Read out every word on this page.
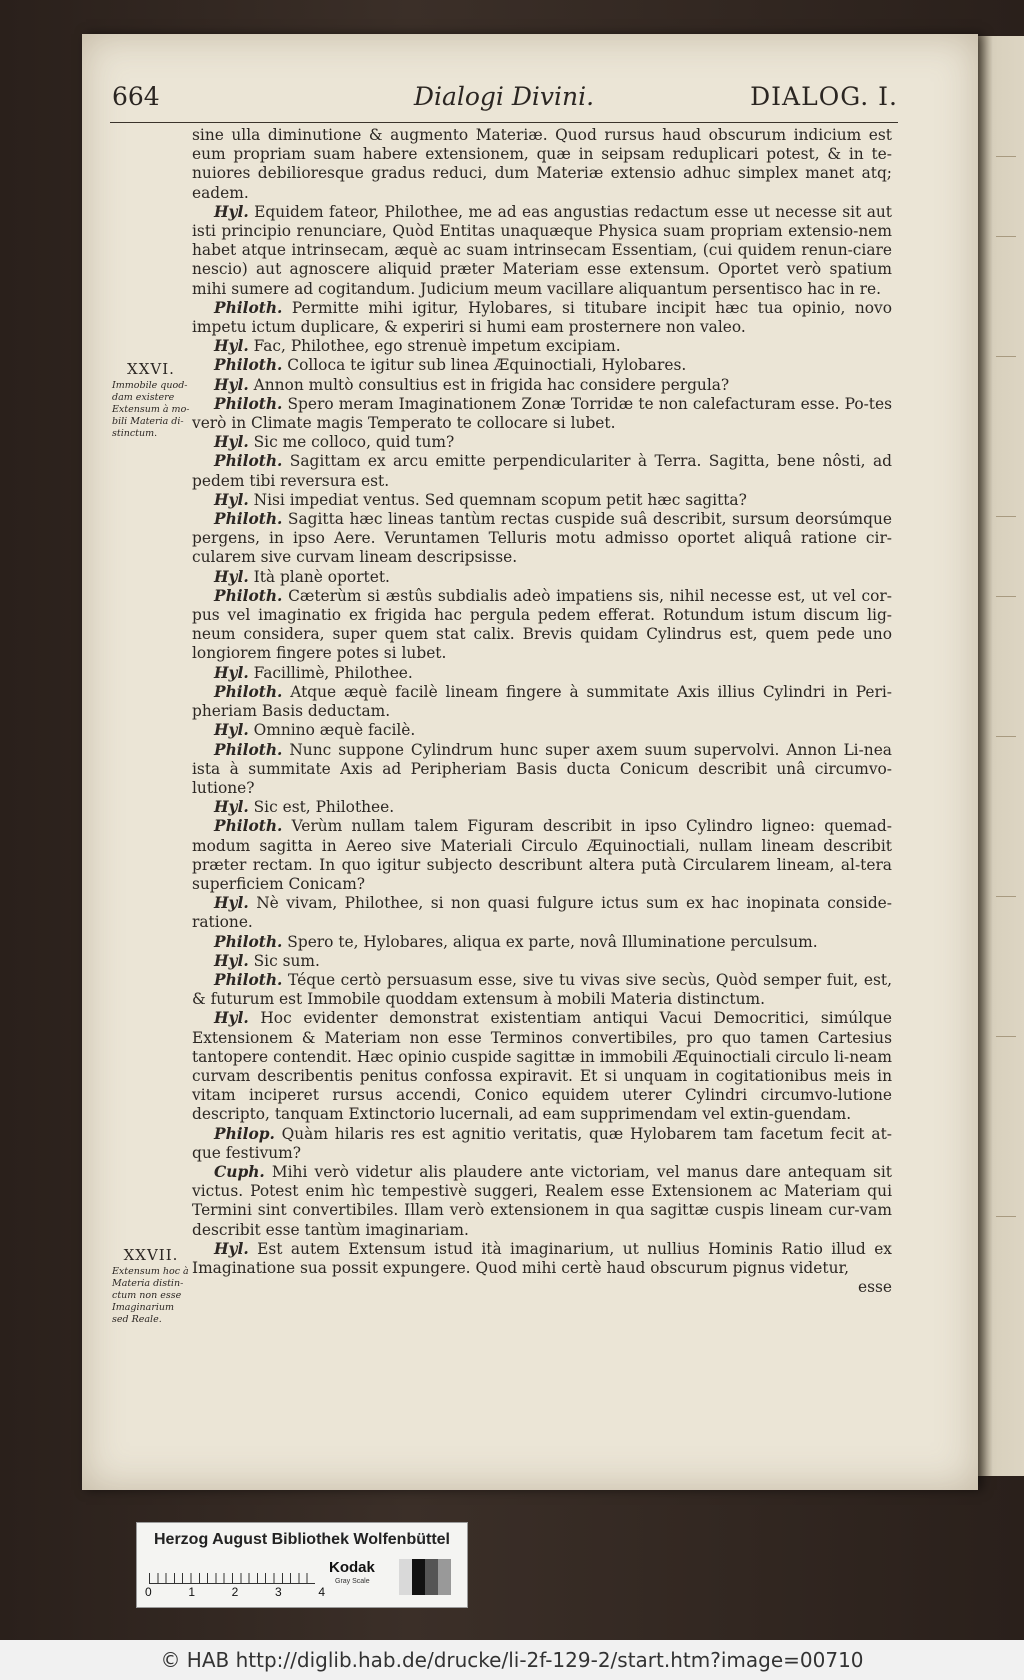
664	Dialogi Divini.	DIALOG. I.
XXVI.
Immobile quod-dam existere Extensum à mo-bili Materia di-stinctum.
XXVII.
Extensum hoc à Materia distin-ctum non esse Imaginarium sed Reale.

sine ulla diminutione & augmento Materiæ. Quod rursus haud obscurum indicium est eum propriam suam habere extensionem, quæ in seipsam reduplicari potest, & in te-nuiores debilioresque gradus reduci, dum Materiæ extensio adhuc simplex manet atq; eadem.

Hyl. Equidem fateor, Philothee, me ad eas angustias redactum esse ut necesse sit aut isti principio renunciare, Quòd Entitas unaquæque Physica suam propriam extensio-nem habet atque intrinsecam, æquè ac suam intrinsecam Essentiam, (cui quidem renun-ciare nescio) aut agnoscere aliquid præter Materiam esse extensum. Oportet verò spatium mihi sumere ad cogitandum. Judicium meum vacillare aliquantum persentisco hac in re.

Philoth. Permitte mihi igitur, Hylobares, si titubare incipit hæc tua opinio, novo impetu ictum duplicare, & experiri si humi eam prosternere non valeo.

Hyl. Fac, Philothee, ego strenuè impetum excipiam.

Philoth. Colloca te igitur sub linea Æquinoctiali, Hylobares.

Hyl. Annon multò consultius est in frigida hac considere pergula?

Philoth. Spero meram Imaginationem Zonæ Torridæ te non calefacturam esse. Po-tes verò in Climate magis Temperato te collocare si lubet.

Hyl. Sic me colloco, quid tum?

Philoth. Sagittam ex arcu emitte perpendiculariter à Terra. Sagitta, bene nôsti, ad pedem tibi reversura est.

Hyl. Nisi impediat ventus. Sed quemnam scopum petit hæc sagitta?

Philoth. Sagitta hæc lineas tantùm rectas cuspide suâ describit, sursum deorsúmque pergens, in ipso Aere. Veruntamen Telluris motu admisso oportet aliquâ ratione cir-cularem sive curvam lineam descripsisse.

Hyl. Ità planè oportet.

Philoth. Cæterùm si æstûs subdialis adeò impatiens sis, nihil necesse est, ut vel cor-pus vel imaginatio ex frigida hac pergula pedem efferat. Rotundum istum discum lig-neum considera, super quem stat calix. Brevis quidam Cylindrus est, quem pede uno longiorem fingere potes si lubet.

Hyl. Facillimè, Philothee.

Philoth. Atque æquè facilè lineam fingere à summitate Axis illius Cylindri in Peri-pheriam Basis deductam.

Hyl. Omnino æquè facilè.

Philoth. Nunc suppone Cylindrum hunc super axem suum supervolvi. Annon Li-nea ista à summitate Axis ad Peripheriam Basis ducta Conicum describit unâ circumvo-lutione?

Hyl. Sic est, Philothee.

Philoth. Verùm nullam talem Figuram describit in ipso Cylindro ligneo: quemad-modum sagitta in Aereo sive Materiali Circulo Æquinoctiali, nullam lineam describit præter rectam. In quo igitur subjecto describunt altera putà Circularem lineam, al-tera superficiem Conicam?

Hyl. Nè vivam, Philothee, si non quasi fulgure ictus sum ex hac inopinata conside-ratione.

Philoth. Spero te, Hylobares, aliqua ex parte, novâ Illuminatione perculsum.

Hyl. Sic sum.

Philoth. Téque certò persuasum esse, sive tu vivas sive secùs, Quòd semper fuit, est, & futurum est Immobile quoddam extensum à mobili Materia distinctum.

Hyl. Hoc evidenter demonstrat existentiam antiqui Vacui Democritici, simúlque Extensionem & Materiam non esse Terminos convertibiles, pro quo tamen Cartesius tantopere contendit. Hæc opinio cuspide sagittæ in immobili Æquinoctiali circulo li-neam curvam describentis penitus confossa expiravit. Et si unquam in cogitationibus meis in vitam inciperet rursus accendi, Conico equidem uterer Cylindri circumvo-lutione descripto, tanquam Extinctorio lucernali, ad eam supprimendam vel extin-guendam.

Philop. Quàm hilaris res est agnitio veritatis, quæ Hylobarem tam facetum fecit at-que festivum?

Cuph. Mihi verò videtur alis plaudere ante victoriam, vel manus dare antequam sit victus. Potest enim hìc tempestivè suggeri, Realem esse Extensionem ac Materiam qui Termini sint convertibiles. Illam verò extensionem in qua sagittæ cuspis lineam cur-vam describit esse tantùm imaginariam.

Hyl. Est autem Extensum istud ità imaginarium, ut nullius Hominis Ratio illud ex Imaginatione sua possit expungere. Quod mihi certè haud obscurum pignus videtur,

esse

Herzog August Bibliothek Wolfenbüttel
0	1	2	3	4
Kodak
Gray Scale
© HAB http://diglib.hab.de/drucke/li-2f-129-2/start.htm?image=00710
